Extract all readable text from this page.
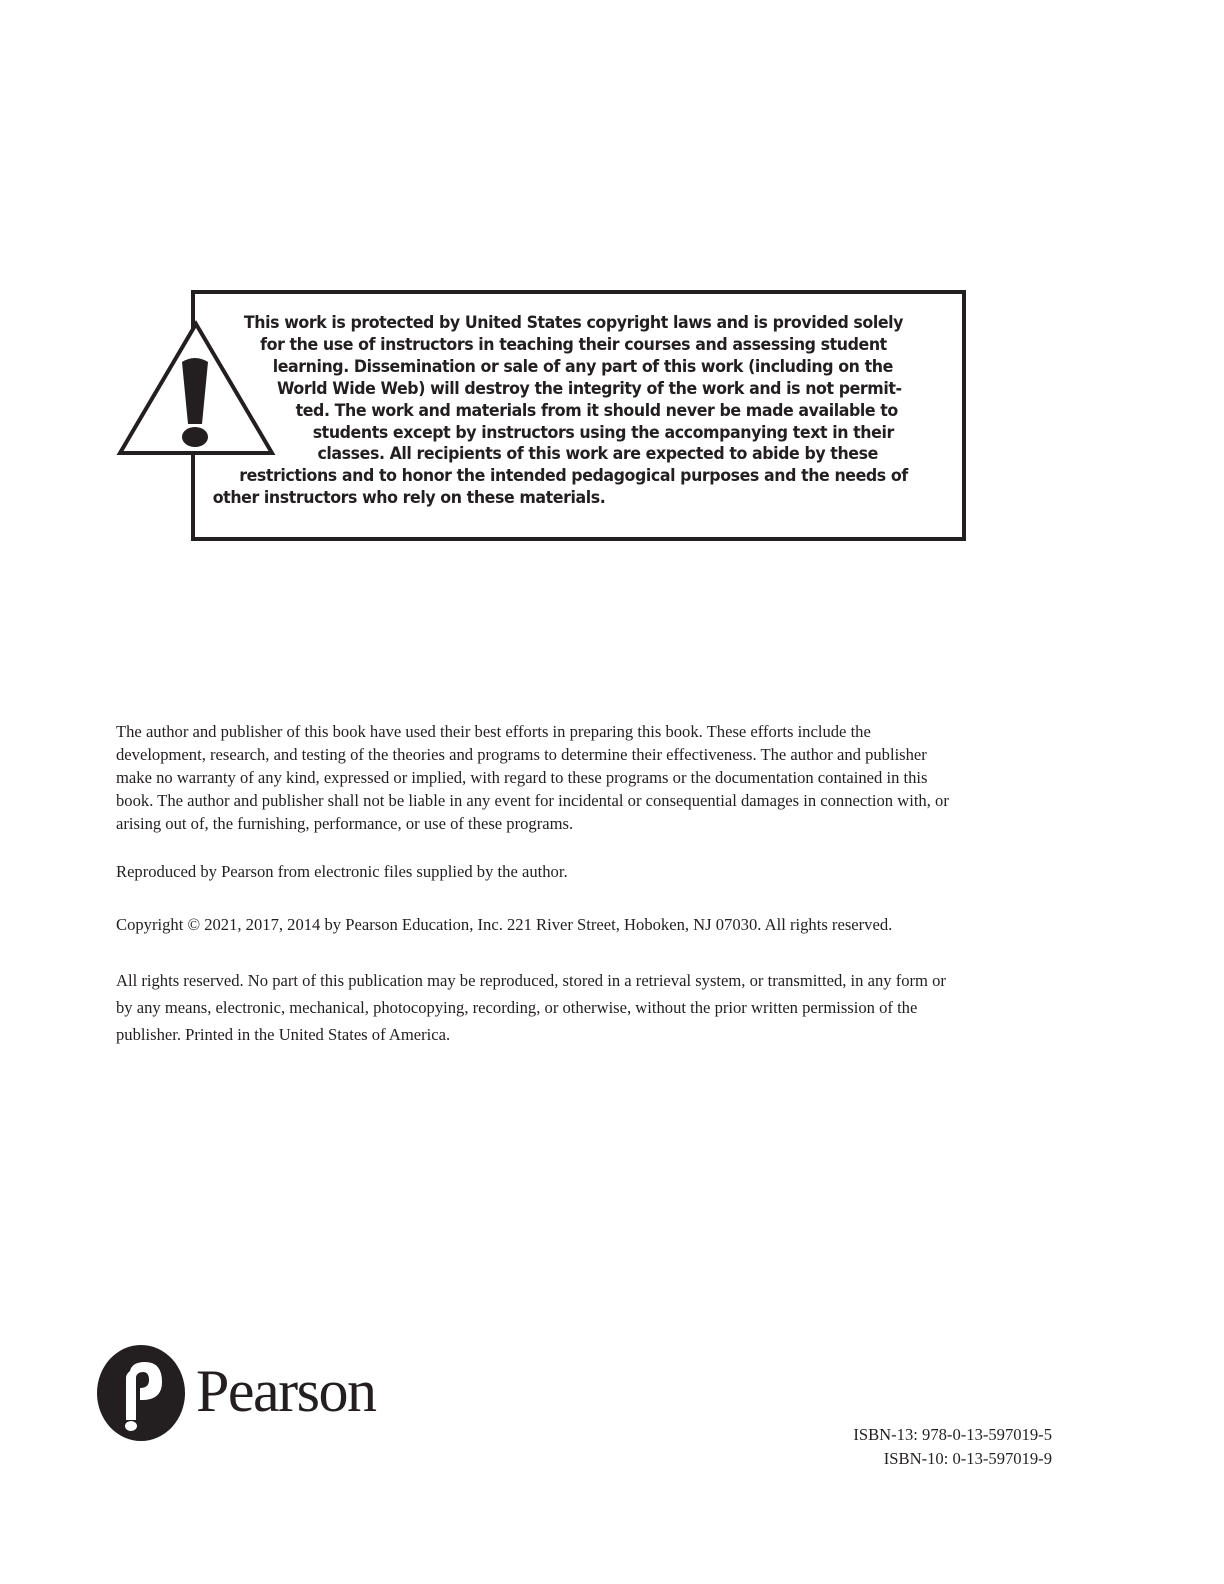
This work is protected by United States copyright laws and is provided solely
for the use of instructors in teaching their courses and assessing student
learning. Dissemination or sale of any part of this work (including on the
World Wide Web) will destroy the integrity of the work and is not permit-
ted. The work and materials from it should never be made available to
students except by instructors using the accompanying text in their
classes. All recipients of this work are expected to abide by these
restrictions and to honor the intended pedagogical purposes and the needs of
other instructors who rely on these materials.

The author and publisher of this book have used their best efforts in preparing this book. These efforts include the
development, research, and testing of the theories and programs to determine their effectiveness. The author and publisher
make no warranty of any kind, expressed or implied, with regard to these programs or the documentation contained in this
book. The author and publisher shall not be liable in any event for incidental or consequential damages in connection with, or
arising out of, the furnishing, performance, or use of these programs.

Reproduced by Pearson from electronic files supplied by the author.

Copyright © 2021, 2017, 2014 by Pearson Education, Inc. 221 River Street, Hoboken, NJ 07030. All rights reserved.

All rights reserved. No part of this publication may be reproduced, stored in a retrieval system, or transmitted, in any form or
by any means, electronic, mechanical, photocopying, recording, or otherwise, without the prior written permission of the
publisher. Printed in the United States of America.

Pearson
ISBN-13: 978-0-13-597019-5
ISBN-10: 0-13-597019-9
